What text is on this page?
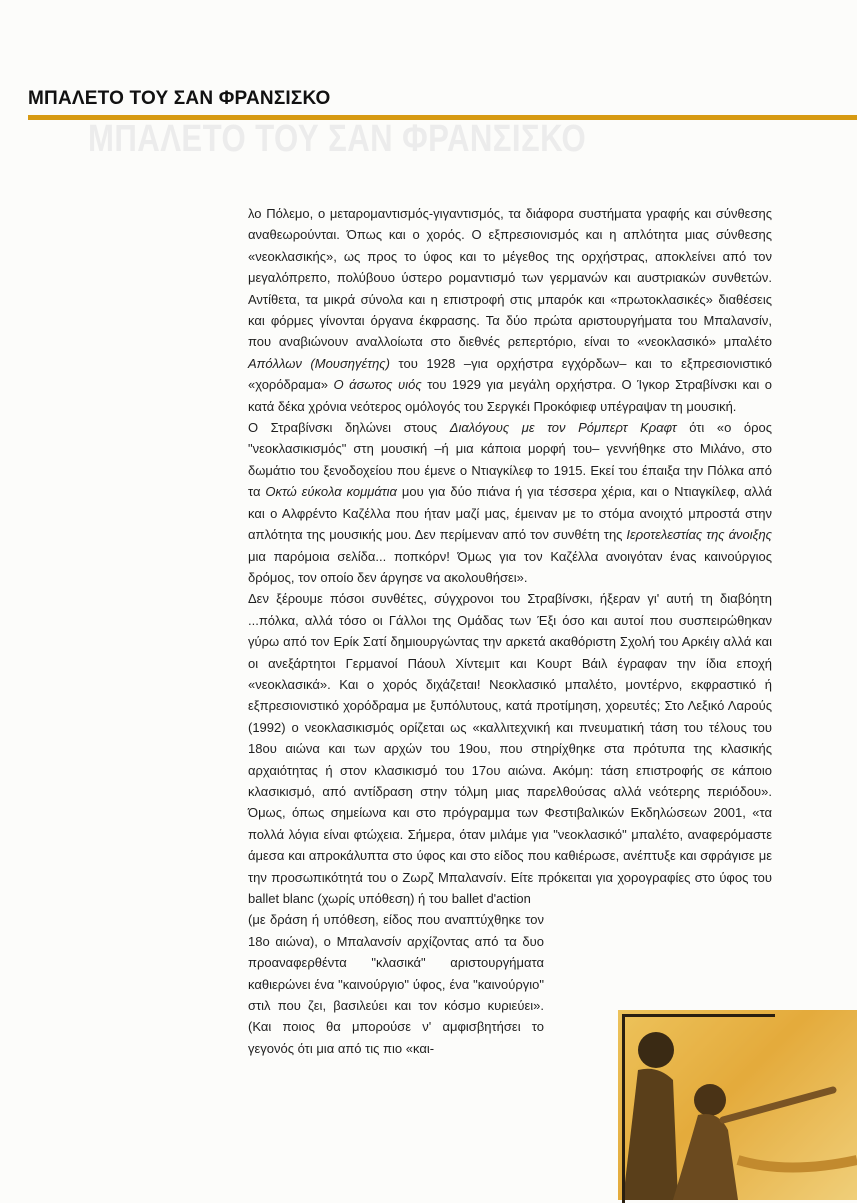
ΜΠΑΛΕΤΟ ΤΟΥ ΣΑΝ ΦΡΑΝΣΙΣΚΟ
ΜΠΑΛΕΤΟ ΤΟΥ ΣΑΝ ΦΡΑΝΣΙΣΚΟ

λο Πόλεμο, ο μεταρομαντισμός-γιγαντισμός, τα διάφορα συστήματα γραφής και σύνθεσης αναθεωρούνται. Όπως και ο χορός. Ο εξπρεσιονισμός και η απλότητα μιας σύνθεσης «νεοκλασικής», ως προς το ύφος και το μέγεθος της ορχήστρας, αποκλείνει από τον μεγαλόπρεπο, πολύβουο ύστερο ρομαντισμό των γερμανών και αυστριακών συνθετών. Αντίθετα, τα μικρά σύνολα και η επιστροφή στις μπαρόκ και «πρωτοκλασικές» διαθέσεις και φόρμες γίνονται όργανα έκφρασης. Τα δύο πρώτα αριστουργήματα του Μπαλανσίν, που αναβιώνουν αναλλοίωτα στο διεθνές ρεπερτόριο, είναι το «νεοκλασικό» μπαλέτο Απόλλων (Μουσηγέτης) του 1928 –για ορχήστρα εγχόρδων– και το εξπρεσιονιστικό «χορόδραμα» Ο άσωτος υιός του 1929 για μεγάλη ορχήστρα. Ο Ίγκορ Στραβίνσκι και ο κατά δέκα χρόνια νεότερος ομόλογός του Σεργκέι Προκόφιεφ υπέγραψαν τη μουσική.

Ο Στραβίνσκι δηλώνει στους Διαλόγους με τον Ρόμπερτ Κραφτ ότι «ο όρος "νεοκλασικισμός" στη μουσική –ή μια κάποια μορφή του– γεννήθηκε στο Μιλάνο, στο δωμάτιο του ξενοδοχείου που έμενε ο Ντιαγκίλεφ το 1915. Εκεί του έπαιξα την Πόλκα από τα Οκτώ εύκολα κομμάτια μου για δύο πιάνα ή για τέσσερα χέρια, και ο Ντιαγκίλεφ, αλλά και ο Αλφρέντο Καζέλλα που ήταν μαζί μας, έμειναν με το στόμα ανοιχτό μπροστά στην απλότητα της μουσικής μου. Δεν περίμεναν από τον συνθέτη της Ιεροτελεστίας της άνοιξης μια παρόμοια σελίδα... ποπκόρν! Όμως για τον Καζέλλα ανοιγόταν ένας καινούργιος δρόμος, τον οποίο δεν άργησε να ακολουθήσει».

Δεν ξέρουμε πόσοι συνθέτες, σύγχρονοι του Στραβίνσκι, ήξεραν γι' αυτή τη διαβόητη ...πόλκα, αλλά τόσο οι Γάλλοι της Ομάδας των Έξι όσο και αυτοί που συσπειρώθηκαν γύρω από τον Ερίκ Σατί δημιουργώντας την αρκετά ακαθόριστη Σχολή του Αρκέιγ αλλά και οι ανεξάρτητοι Γερμανοί Πάουλ Χίντεμιτ και Κουρτ Βάιλ έγραφαν την ίδια εποχή «νεοκλασικά». Και ο χορός διχάζεται! Νεοκλασικό μπαλέτο, μοντέρνο, εκφραστικό ή εξπρεσιονιστικό χορόδραμα με ξυπόλυτους, κατά προτίμηση, χορευτές; Στο Λεξικό Λαρούς (1992) ο νεοκλασικισμός ορίζεται ως «καλλιτεχνική και πνευματική τάση του τέλους του 18ου αιώνα και των αρχών του 19ου, που στηρίχθηκε στα πρότυπα της κλασικής αρχαιότητας ή στον κλασικισμό του 17ου αιώνα. Ακόμη: τάση επιστροφής σε κάποιο κλασικισμό, από αντίδραση στην τόλμη μιας παρελθούσας αλλά νεότερης περιόδου». Όμως, όπως σημείωνα και στο πρόγραμμα των Φεστιβαλικών Εκδηλώσεων 2001, «τα πολλά λόγια είναι φτώχεια. Σήμερα, όταν μιλάμε για "νεοκλασικό" μπαλέτο, αναφερόμαστε άμεσα και απροκάλυπτα στο ύφος και στο είδος που καθιέρωσε, ανέπτυξε και σφράγισε με την προσωπικότητά του ο Ζωρζ Μπαλανσίν. Είτε πρόκειται για χορογραφίες στο ύφος του ballet blanc (χωρίς υπόθεση) ή του ballet d'action

(με δράση ή υπόθεση, είδος που αναπτύχθηκε τον 18ο αιώνα), ο Μπαλανσίν αρχίζοντας από τα δυο προαναφερθέντα "κλασικά" αριστουργήματα καθιερώνει ένα "καινούργιο" ύφος, ένα "καινούργιο" στιλ που ζει, βασιλεύει και τον κόσμο κυριεύει». (Και ποιος θα μπορούσε ν' αμφισβητήσει το γεγονός ότι μια από τις πιο «και-
